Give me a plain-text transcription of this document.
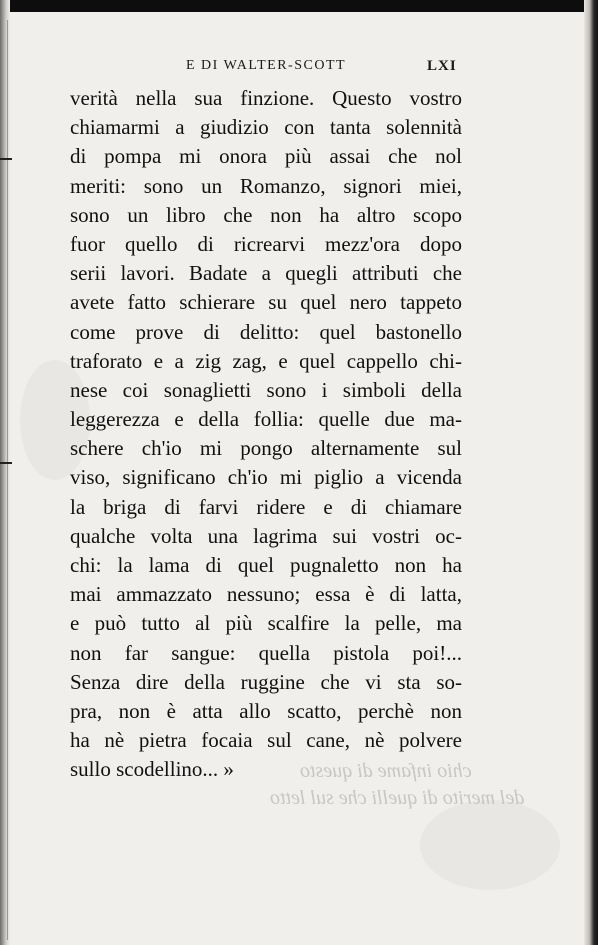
chio infame di questo
del merito di quelli che sul letto
E DI WALTER-SCOTT	LXI
verità nella sua finzione. Questo vostro
chiamarmi a giudizio con tanta solennità
di pompa mi onora più assai che nol
meriti: sono un Romanzo, signori miei,
sono un libro che non ha altro scopo
fuor quello di ricrearvi mezz'ora dopo
serii lavori. Badate a quegli attributi che
avete fatto schierare su quel nero tappeto
come prove di delitto: quel bastonello
traforato e a zig zag, e quel cappello chi-
nese coi sonaglietti sono i simboli della
leggerezza e della follia: quelle due ma-
schere ch'io mi pongo alternamente sul
viso, significano ch'io mi piglio a vicenda
la briga di farvi ridere e di chiamare
qualche volta una lagrima sui vostri oc-
chi: la lama di quel pugnaletto non ha
mai ammazzato nessuno; essa è di latta,
e può tutto al più scalfire la pelle, ma
non far sangue: quella pistola poi!...
Senza dire della ruggine che vi sta so-
pra, non è atta allo scatto, perchè non
ha nè pietra focaia sul cane, nè polvere
sullo scodellino... »
